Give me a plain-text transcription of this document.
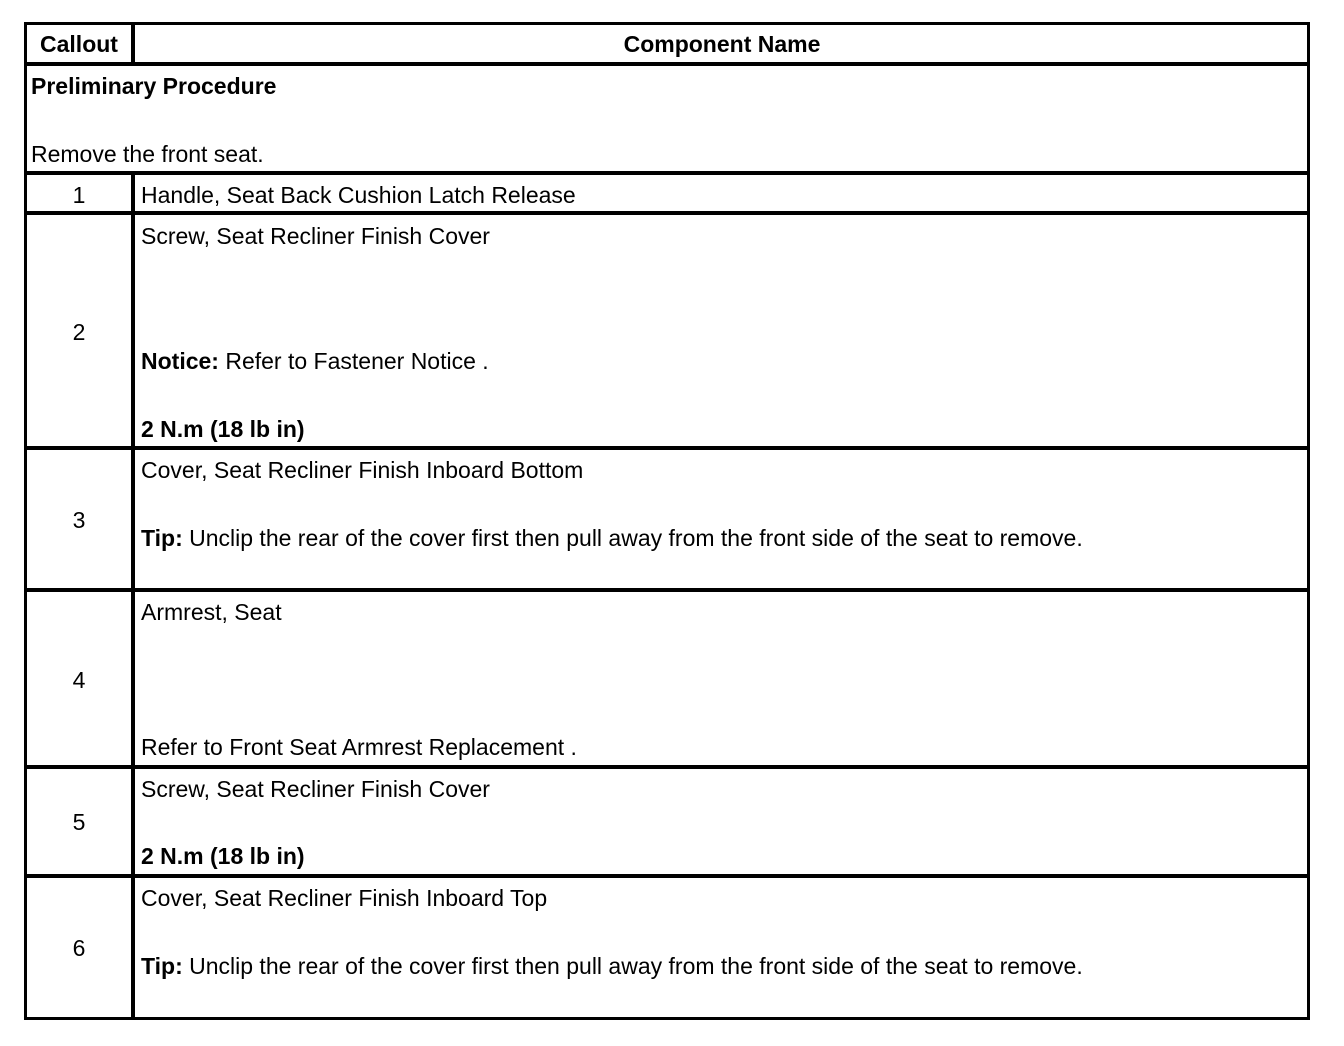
Callout	Component Name
Preliminary Procedure
Remove the front seat.
1	Handle, Seat Back Cushion Latch Release
2
Screw, Seat Recliner Finish Cover
Notice: Refer to Fastener Notice .
2 N.m (18 lb in)
3
Cover, Seat Recliner Finish Inboard Bottom
Tip: Unclip the rear of the cover first then pull away from the front side of the seat to remove.
4
Armrest, Seat
Refer to Front Seat Armrest Replacement .
5
Screw, Seat Recliner Finish Cover
2 N.m (18 lb in)
6
Cover, Seat Recliner Finish Inboard Top
Tip: Unclip the rear of the cover first then pull away from the front side of the seat to remove.
